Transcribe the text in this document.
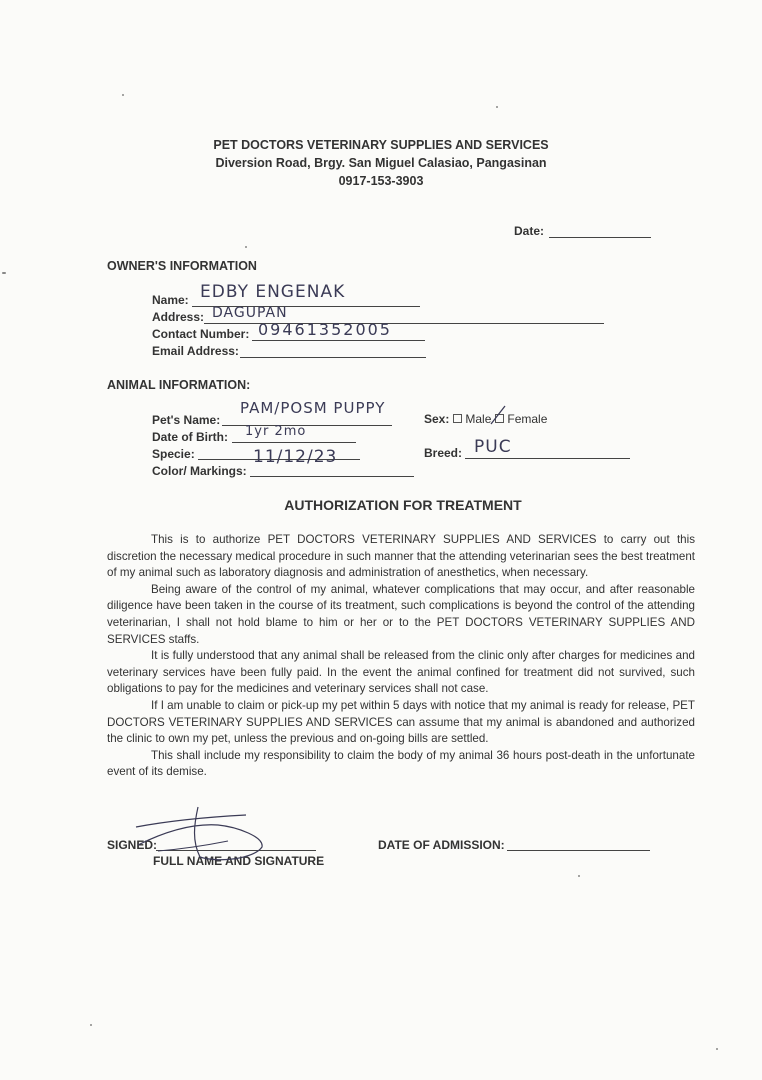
PET DOCTORS VETERINARY SUPPLIES AND SERVICES
Diversion Road, Brgy. San Miguel Calasiao, Pangasinan
0917-153-3903
Date:
OWNER'S INFORMATION
Name: EDBY ENGENAK
Address: DAGUPAN
Contact Number: 09461352005
Email Address:
ANIMAL INFORMATION:
Pet's Name:
PAM/POSM PUPPY
Date of Birth: 1yr 2mo
Specie:	11/12/23
Color/ Markings:
Sex: Male Female
Breed: PUC
AUTHORIZATION FOR TREATMENT

This is to authorize PET DOCTORS VETERINARY SUPPLIES AND SERVICES to carry out this discretion the necessary medical procedure in such manner that the attending veterinarian sees the best treatment of my animal such as laboratory diagnosis and administration of anesthetics, when necessary.

Being aware of the control of my animal, whatever complications that may occur, and after reasonable diligence have been taken in the course of its treatment, such complications is beyond the control of the attending veterinarian, I shall not hold blame to him or her or to the PET DOCTORS VETERINARY SUPPLIES AND SERVICES staffs.

It is fully understood that any animal shall be released from the clinic only after charges for medicines and veterinary services have been fully paid. In the event the animal confined for treatment did not survived, such obligations to pay for the medicines and veterinary services shall not case.

If I am unable to claim or pick-up my pet within 5 days with notice that my animal is ready for release, PET DOCTORS VETERINARY SUPPLIES AND SERVICES can assume that my animal is abandoned and authorized the clinic to own my pet, unless the previous and on-going bills are settled.

This shall include my responsibility to claim the body of my animal 36 hours post-death in the unfortunate event of its demise.

SIGNED:
FULL NAME AND SIGNATURE
DATE OF ADMISSION:
